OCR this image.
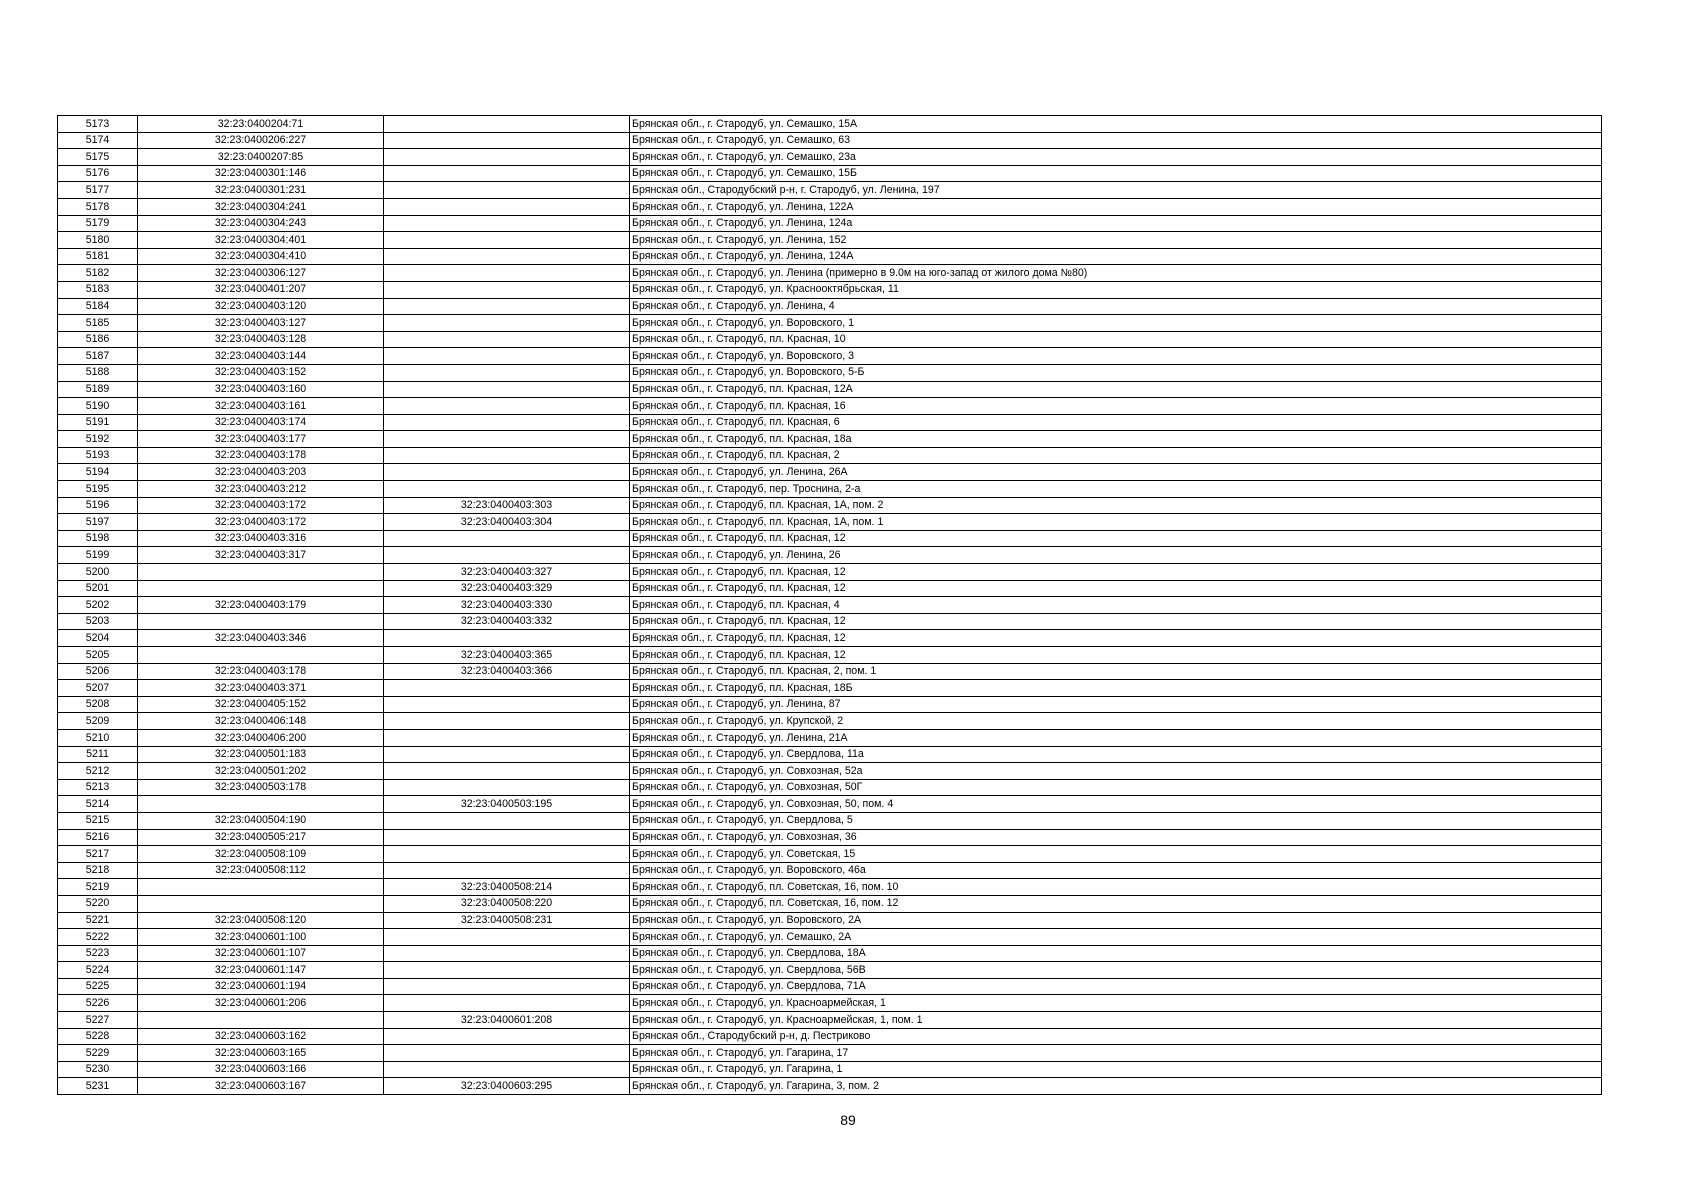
5173	32:23:0400204:71		Брянская обл., г. Стародуб, ул. Семашко, 15А
5174	32:23:0400206:227		Брянская обл., г. Стародуб, ул. Семашко, 63
5175	32:23:0400207:85		Брянская обл., г. Стародуб, ул. Семашко, 23а
5176	32:23:0400301:146		Брянская обл., г. Стародуб, ул. Семашко, 15Б
5177	32:23:0400301:231		Брянская обл., Стародубский р-н, г. Стародуб, ул. Ленина, 197
5178	32:23:0400304:241		Брянская обл., г. Стародуб, ул. Ленина, 122А
5179	32:23:0400304:243		Брянская обл., г. Стародуб, ул. Ленина, 124а
5180	32:23:0400304:401		Брянская обл., г. Стародуб, ул. Ленина, 152
5181	32:23:0400304:410		Брянская обл., г. Стародуб, ул. Ленина, 124А
5182	32:23:0400306:127		Брянская обл., г. Стародуб, ул. Ленина (примерно в 9.0м на юго-запад от жилого дома №80)
5183	32:23:0400401:207		Брянская обл., г. Стародуб, ул. Краснооктябрьская, 11
5184	32:23:0400403:120		Брянская обл., г. Стародуб, ул. Ленина, 4
5185	32:23:0400403:127		Брянская обл., г. Стародуб, ул. Воровского, 1
5186	32:23:0400403:128		Брянская обл., г. Стародуб, пл. Красная, 10
5187	32:23:0400403:144		Брянская обл., г. Стародуб, ул. Воровского, 3
5188	32:23:0400403:152		Брянская обл., г. Стародуб, ул. Воровского, 5-Б
5189	32:23:0400403:160		Брянская обл., г. Стародуб, пл. Красная, 12А
5190	32:23:0400403:161		Брянская обл., г. Стародуб, пл. Красная, 16
5191	32:23:0400403:174		Брянская обл., г. Стародуб, пл. Красная, 6
5192	32:23:0400403:177		Брянская обл., г. Стародуб, пл. Красная, 18а
5193	32:23:0400403:178		Брянская обл., г. Стародуб, пл. Красная, 2
5194	32:23:0400403:203		Брянская обл., г. Стародуб, ул. Ленина, 26А
5195	32:23:0400403:212		Брянская обл., г. Стародуб, пер. Троснина, 2-а
5196	32:23:0400403:172	32:23:0400403:303	Брянская обл., г. Стародуб, пл. Красная, 1А, пом. 2
5197	32:23:0400403:172	32:23:0400403:304	Брянская обл., г. Стародуб, пл. Красная, 1А, пом. 1
5198	32:23:0400403:316		Брянская обл., г. Стародуб, пл. Красная, 12
5199	32:23:0400403:317		Брянская обл., г. Стародуб, ул. Ленина, 26
5200		32:23:0400403:327	Брянская обл., г. Стародуб, пл. Красная, 12
5201		32:23:0400403:329	Брянская обл., г. Стародуб, пл. Красная, 12
5202	32:23:0400403:179	32:23:0400403:330	Брянская обл., г. Стародуб, пл. Красная, 4
5203		32:23:0400403:332	Брянская обл., г. Стародуб, пл. Красная, 12
5204	32:23:0400403:346		Брянская обл., г. Стародуб, пл. Красная, 12
5205		32:23:0400403:365	Брянская обл., г. Стародуб, пл. Красная, 12
5206	32:23:0400403:178	32:23:0400403:366	Брянская обл., г. Стародуб, пл. Красная, 2, пом. 1
5207	32:23:0400403:371		Брянская обл., г. Стародуб, пл. Красная, 18Б
5208	32:23:0400405:152		Брянская обл., г. Стародуб, ул. Ленина, 87
5209	32:23:0400406:148		Брянская обл., г. Стародуб, ул. Крупской, 2
5210	32:23:0400406:200		Брянская обл., г. Стародуб, ул. Ленина, 21А
5211	32:23:0400501:183		Брянская обл., г. Стародуб, ул. Свердлова, 11а
5212	32:23:0400501:202		Брянская обл., г. Стародуб, ул. Совхозная, 52а
5213	32:23:0400503:178		Брянская обл., г. Стародуб, ул. Совхозная, 50Г
5214		32:23:0400503:195	Брянская обл., г. Стародуб, ул. Совхозная, 50, пом. 4
5215	32:23:0400504:190		Брянская обл., г. Стародуб, ул. Свердлова, 5
5216	32:23:0400505:217		Брянская обл., г. Стародуб, ул. Совхозная, 36
5217	32:23:0400508:109		Брянская обл., г. Стародуб, ул. Советская, 15
5218	32:23:0400508:112		Брянская обл., г. Стародуб, ул. Воровского, 46а
5219		32:23:0400508:214	Брянская обл., г. Стародуб, пл. Советская, 16, пом. 10
5220		32:23:0400508:220	Брянская обл., г. Стародуб, пл. Советская, 16, пом. 12
5221	32:23:0400508:120	32:23:0400508:231	Брянская обл., г. Стародуб, ул. Воровского, 2А
5222	32:23:0400601:100		Брянская обл., г. Стародуб, ул. Семашко, 2А
5223	32:23:0400601:107		Брянская обл., г. Стародуб, ул. Свердлова, 18А
5224	32:23:0400601:147		Брянская обл., г. Стародуб, ул. Свердлова, 56В
5225	32:23:0400601:194		Брянская обл., г. Стародуб, ул. Свердлова, 71А
5226	32:23:0400601:206		Брянская обл., г. Стародуб, ул. Красноармейская, 1
5227		32:23:0400601:208	Брянская обл., г. Стародуб, ул. Красноармейская, 1, пом. 1
5228	32:23:0400603:162		Брянская обл., Стародубский р-н, д. Пестриково
5229	32:23:0400603:165		Брянская обл., г. Стародуб, ул. Гагарина, 17
5230	32:23:0400603:166		Брянская обл., г. Стародуб, ул. Гагарина, 1
5231	32:23:0400603:167	32:23:0400603:295	Брянская обл., г. Стародуб, ул. Гагарина, 3, пом. 2
89
